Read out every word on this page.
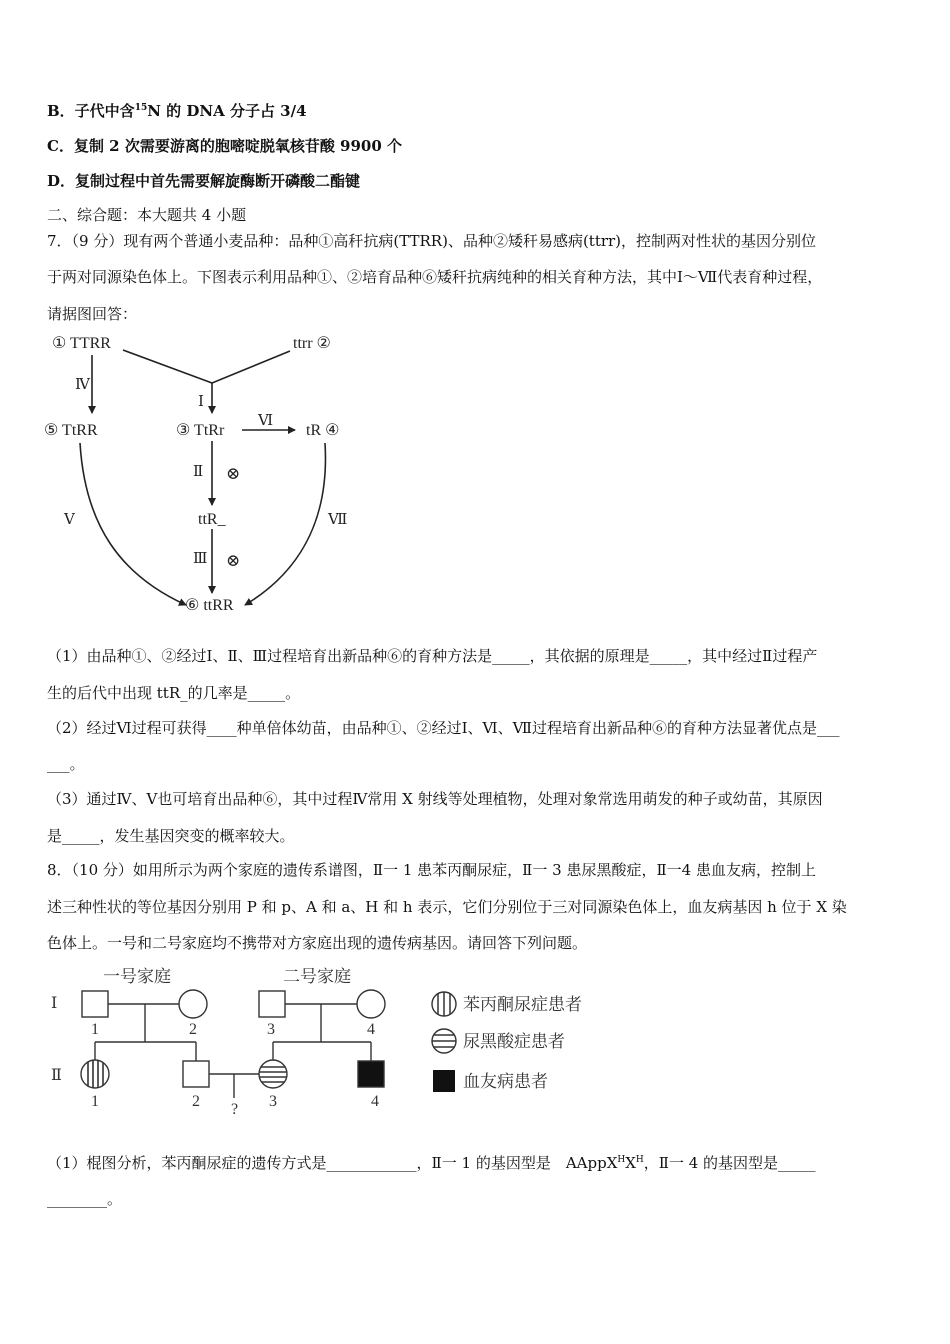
B．子代中含$^{15}$N 的 DNA 分子占 3/4
C．复制 2 次需要游离的胞嘧啶脱氧核苷酸 9900 个
D．复制过程中首先需要解旋酶断开磷酸二酯键
二、综合题：本大题共 4 小题
7．（9 分）现有两个普通小麦品种：品种①高秆抗病(TTRR)、品种②矮秆易感病(ttrr)，控制两对性状的基因分别位
于两对同源染色体上。下图表示利用品种①、②培育品种⑥矮秆抗病纯种的相关育种方法，其中Ⅰ～Ⅶ代表育种过程，
请据图回答：
① TTRR	ttrr ②
⑤ TtRR	③ TtRr	tR ④
ttR_
⑥ ttRR
Ⅳ
Ⅰ
Ⅵ
Ⅱ ⊗
Ⅲ ⊗
Ⅴ	Ⅶ
（1）由品种①、②经过Ⅰ、Ⅱ、Ⅲ过程培育出新品种⑥的育种方法是_____，其依据的原理是_____，其中经过Ⅱ过程产
生的后代中出现 ttR_的几率是_____。
（2）经过Ⅵ过程可获得____种单倍体幼苗，由品种①、②经过Ⅰ、Ⅵ、Ⅶ过程培育出新品种⑥的育种方法显著优点是___
___。
（3）通过Ⅳ、Ⅴ也可培育出品种⑥，其中过程Ⅳ常用 X 射线等处理植物，处理对象常选用萌发的种子或幼苗，其原因
是_____，发生基因突变的概率较大。
8．（10 分）如用所示为两个家庭的遗传系谱图，Ⅱ一 1 患苯丙酮尿症，Ⅱ一 3 患尿黑酸症，Ⅱ一4 患血友病，控制上
述三种性状的等位基因分别用 P 和 p、A 和 a、H 和 h 表示，它们分别位于三对同源染色体上，血友病基因 h 位于 X 染
色体上。一号和二号家庭均不携带对方家庭出现的遗传病基因。请回答下列问题。
一号家庭	二号家庭
苯丙酮尿症患者
尿黑酸症患者
血友病患者
Ⅰ
Ⅱ
1	2	3	4
1	2	3	4
?
（1）棍图分析，苯丙酮尿症的遗传方式是____________，Ⅱ一 1 的基因型是　$AAppX^HX^H$，Ⅱ一 4 的基因型是_____
________。
